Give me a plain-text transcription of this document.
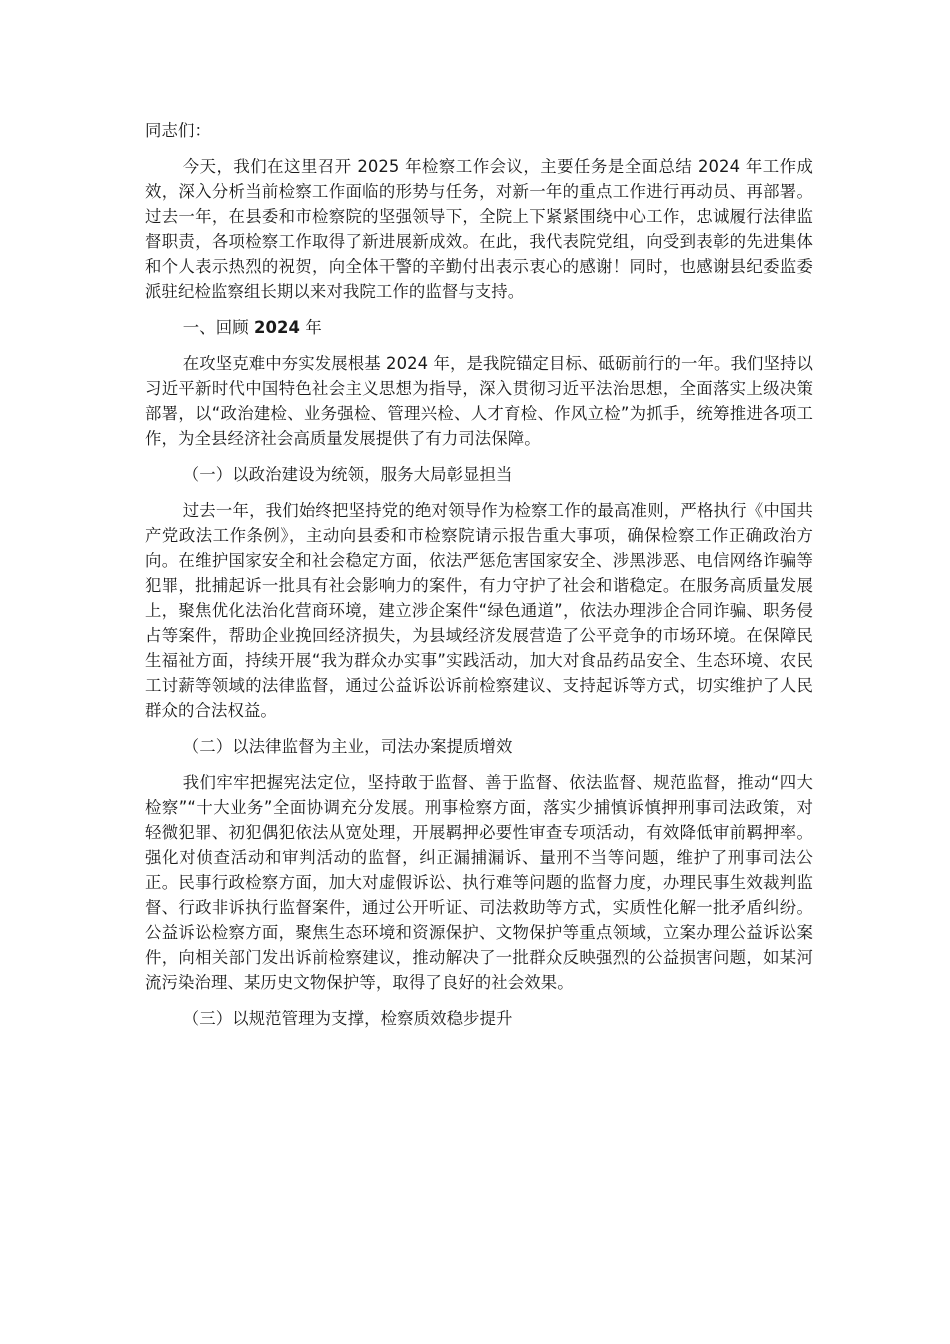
同志们：

今天，我们在这里召开 2025 年检察工作会议，主要任务是全面总结 2024 年工作成效，深入分析当前检察工作面临的形势与任务，对新一年的重点工作进行再动员、再部署。过去一年，在县委和市检察院的坚强领导下，全院上下紧紧围绕中心工作，忠诚履行法律监督职责，各项检察工作取得了新进展新成效。在此，我代表院党组，向受到表彰的先进集体和个人表示热烈的祝贺，向全体干警的辛勤付出表示衷心的感谢！同时，也感谢县纪委监委派驻纪检监察组长期以来对我院工作的监督与支持。

一、回顾 2024 年

在攻坚克难中夯实发展根基 2024 年，是我院锚定目标、砥砺前行的一年。我们坚持以习近平新时代中国特色社会主义思想为指导，深入贯彻习近平法治思想，全面落实上级决策部署，以“政治建检、业务强检、管理兴检、人才育检、作风立检”为抓手，统筹推进各项工作，为全县经济社会高质量发展提供了有力司法保障。

（一）以政治建设为统领，服务大局彰显担当

过去一年，我们始终把坚持党的绝对领导作为检察工作的最高准则，严格执行《中国共产党政法工作条例》，主动向县委和市检察院请示报告重大事项，确保检察工作正确政治方向。在维护国家安全和社会稳定方面，依法严惩危害国家安全、涉黑涉恶、电信网络诈骗等犯罪，批捕起诉一批具有社会影响力的案件，有力守护了社会和谐稳定。在服务高质量发展上，聚焦优化法治化营商环境，建立涉企案件“绿色通道”，依法办理涉企合同诈骗、职务侵占等案件，帮助企业挽回经济损失，为县域经济发展营造了公平竞争的市场环境。在保障民生福祉方面，持续开展“我为群众办实事”实践活动，加大对食品药品安全、生态环境、农民工讨薪等领域的法律监督，通过公益诉讼诉前检察建议、支持起诉等方式，切实维护了人民群众的合法权益。

（二）以法律监督为主业，司法办案提质增效

我们牢牢把握宪法定位，坚持敢于监督、善于监督、依法监督、规范监督，推动“四大检察”“十大业务”全面协调充分发展。刑事检察方面，落实少捕慎诉慎押刑事司法政策，对轻微犯罪、初犯偶犯依法从宽处理，开展羁押必要性审查专项活动，有效降低审前羁押率。强化对侦查活动和审判活动的监督，纠正漏捕漏诉、量刑不当等问题，维护了刑事司法公正。民事行政检察方面，加大对虚假诉讼、执行难等问题的监督力度，办理民事生效裁判监督、行政非诉执行监督案件，通过公开听证、司法救助等方式，实质性化解一批矛盾纠纷。公益诉讼检察方面，聚焦生态环境和资源保护、文物保护等重点领域，立案办理公益诉讼案件，向相关部门发出诉前检察建议，推动解决了一批群众反映强烈的公益损害问题，如某河流污染治理、某历史文物保护等，取得了良好的社会效果。

（三）以规范管理为支撑，检察质效稳步提升
